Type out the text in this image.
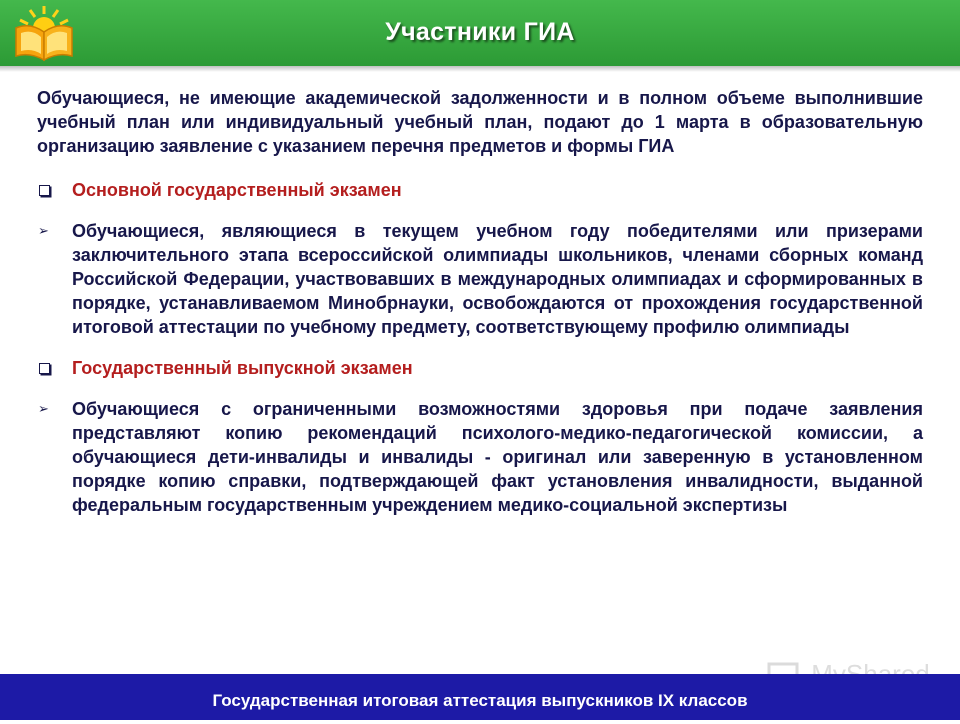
Участники ГИА

Обучающиеся, не имеющие академической задолженности и в полном объеме выполнившие учебный план или индивидуальный учебный план, подают до 1 марта в образовательную организацию заявление с указанием перечня предметов и формы ГИА

Основной государственный экзамен
➢ Обучающиеся, являющиеся в текущем учебном году победителями или призерами заключительного этапа всероссийской олимпиады школьников, членами сборных команд Российской Федерации, участвовавших в международных олимпиадах и сформированных в порядке, устанавливаемом Минобрнауки, освобождаются от прохождения государственной итоговой аттестации по учебному предмету, соответствующему профилю олимпиады
Государственный выпускной экзамен
➢ Обучающиеся с ограниченными возможностями здоровья при подаче заявления представляют копию рекомендаций психолого-медико-педагогической комиссии, а обучающиеся дети-инвалиды и инвалиды - оригинал или заверенную в установленном порядке копию справки, подтверждающей факт установления инвалидности, выданной федеральным государственным учреждением медико-социальной экспертизы
Государственная итоговая аттестация выпускников IX классов
